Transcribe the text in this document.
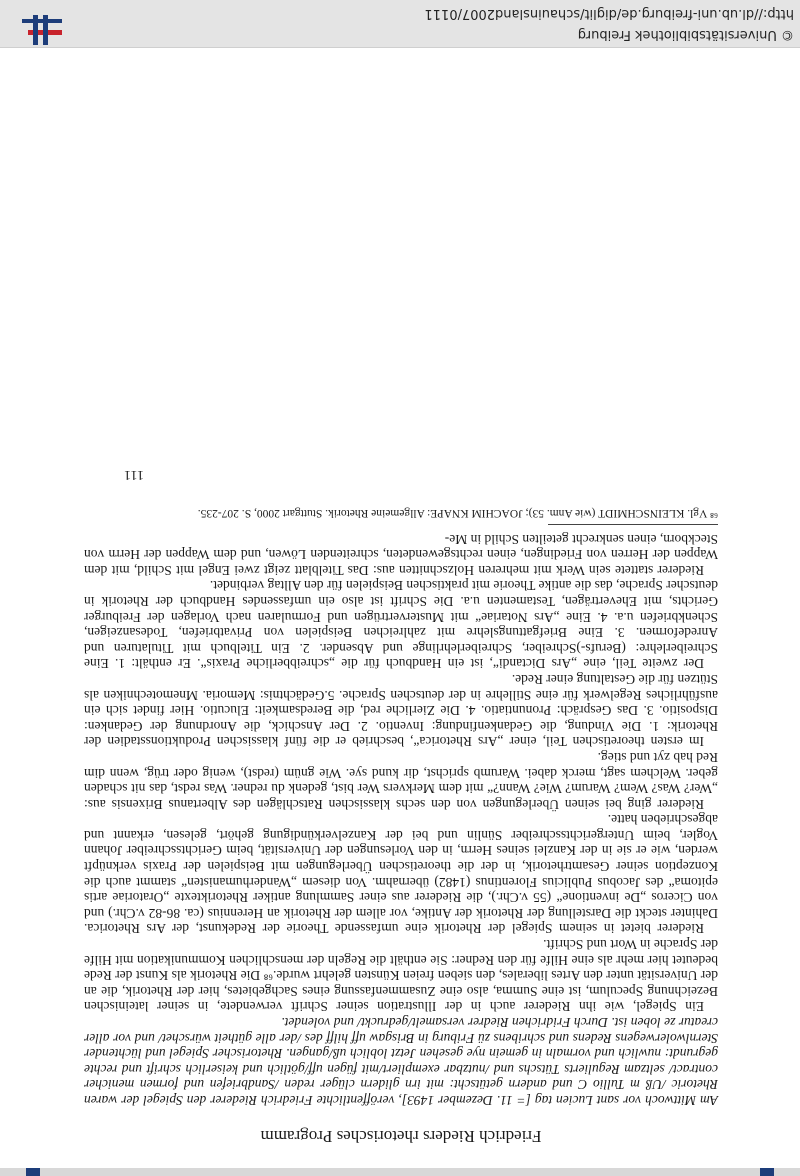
Friedrich Rieders rhetorisches Programm

Am Mittwoch vor sant Lucien tag [= 11. Dezember 1493], veröffentlichte Friedrich Riederer den Spiegel der waren Rhetoric /Uß m Tullio C und andern getütscht: mit irn glidern clüger reden /Sandbriefen und formen menicher contract/ seltzam Regulierts Tütschs und /nutzbar exempliert/mit fügen uff/götlich und keiserlich schrift und rechte gegrundt: nuwlich und vormaln in gemein nye gesehen Jetzt loblich uß/gangen. Rhetorischer Spiegel und lüchtender Sternlwolerwegens Redens und schribens zü Friburg in Brisgaw uff hilff des /der alle gütheit würschet/ und vor aller creatur ze loben ist. Durch Fridrichen Riedrer versamelt/gedruckt/ und volendet.

Ein Spiegel, wie ihn Riederer auch in der Illustration seiner Schrift verwendete, in seiner lateinischen Bezeichnung Speculum, ist eine Summa, also eine Zusammenfassung eines Sachgebietes, hier der Rhetorik, die an der Universität unter den Artes liberales, den sieben freien Künsten gelehrt wurde.⁶⁸ Die Rhetorik als Kunst der Rede bedeutet hier mehr als eine Hilfe für den Redner: Sie enthält die Regeln der menschlichen Kommunikation mit Hilfe der Sprache in Wort und Schrift.

Riederer bietet in seinem Spiegel der Rhetorik eine umfassende Theorie der Redekunst, der Ars Rhetorica. Dahinter steckt die Darstellung der Rhetorik der Antike, vor allem der Rhetorik an Herennius (ca. 86-82 v.Chr.) und von Ciceros „De inventione“ (55 v.Chr.), die Riederer aus einer Sammlung antiker Rhetoriktexte „Oratoriae artis epitoma“ des Jacobus Publicius Florentinus (1482) übernahm. Von diesem „Wanderhumanisten“ stammt auch die Konzeption seiner Gesamtrhetorik, in der die theoretischen Überlegungen mit Beispielen der Praxis verknüpft werden, wie er sie in der Kanzlei seines Herrn, in den Vorlesungen der Universität, beim Gerichtsschreiber Johann Vogler, beim Untergerichtsschreiber Sünlin und bei der Kanzelverkündigung gehört, gelesen, erkannt und abgeschrieben hatte.

Riederer ging bei seinen Überlegungen von den sechs klassischen Ratschlägen des Albertanus Brixensis aus: „Wer? Was? Wem? Warum? Wie? Wann?“ mit dem Merkvers Wer bist, gedenk du redner. Was redst, das nit schaden geber. Welchem sagt, merck dabei. Warumb sprichst, dir kund sye. Wie gnüm (redst), wenig oder trüg, wenn dim Red hab zyt und stieg.

Im ersten theoretischen Teil, einer „Ars Rhetorica“, beschrieb er die fünf klassischen Produktionsstadien der Rhetorik: 1. Die Vindung, die Gedankenfindung: Inventio. 2. Der Anschick, die Anordnung der Gedanken: Dispositio. 3. Das Gespräch: Pronuntiatio. 4. Die Zierliche red, die Beredsamkeit: Elucutio. Hier findet sich ein ausführliches Regelwerk für eine Stillehre in der deutschen Sprache. 5.Gedächtnis: Memoria. Mnemotechniken als Stützen für die Gestaltung einer Rede.

Der zweite Teil, eine „Ars Dictandi“, ist ein Handbuch für die „schreibberliche Praxis“. Er enthält: 1. Eine Schreiberlehre: (Berufs-)Schreiber, Schreiberlehrlinge und Absender. 2. Ein Titelbuch mit Titulaturen und Anredeformen. 3. Eine Briefgattungslehre mit zahlreichen Beispielen von Privatbriefen, Todesanzeigen, Schenkbriefen u.a. 4. Eine „Ars Notariae“ mit Mustervertrügen und Formularen nach Vorlagen der Freiburger Gerichts, mit Eheverträgen, Testamenten u.a. Die Schrift ist also ein umfassendes Handbuch der Rhetorik in deutscher Sprache, das die antike Theorie mit praktischen Beispielen für den Alltag verbindet.

Riederer stattete sein Werk mit mehreren Holzschnitten aus: Das Titelblatt zeigt zwei Engel mit Schild, mit dem Wappen der Herren von Friedingen, einen rechtsgewendeten, schreitenden Löwen, und dem Wappen der Herrn von Steckborn, einen senkrecht geteilten Schild in Me-

⁶⁸ Vgl. KLEINSCHMIDT (wie Anm. 53); JOACHIM KNAPE: Allgemeine Rhetorik. Stuttgart 2000, S. 207-235.
111
© Universitätsbibliothek Freiburg
http://dl.ub.uni-freiburg.de/diglit/schauinsland2007/0111
